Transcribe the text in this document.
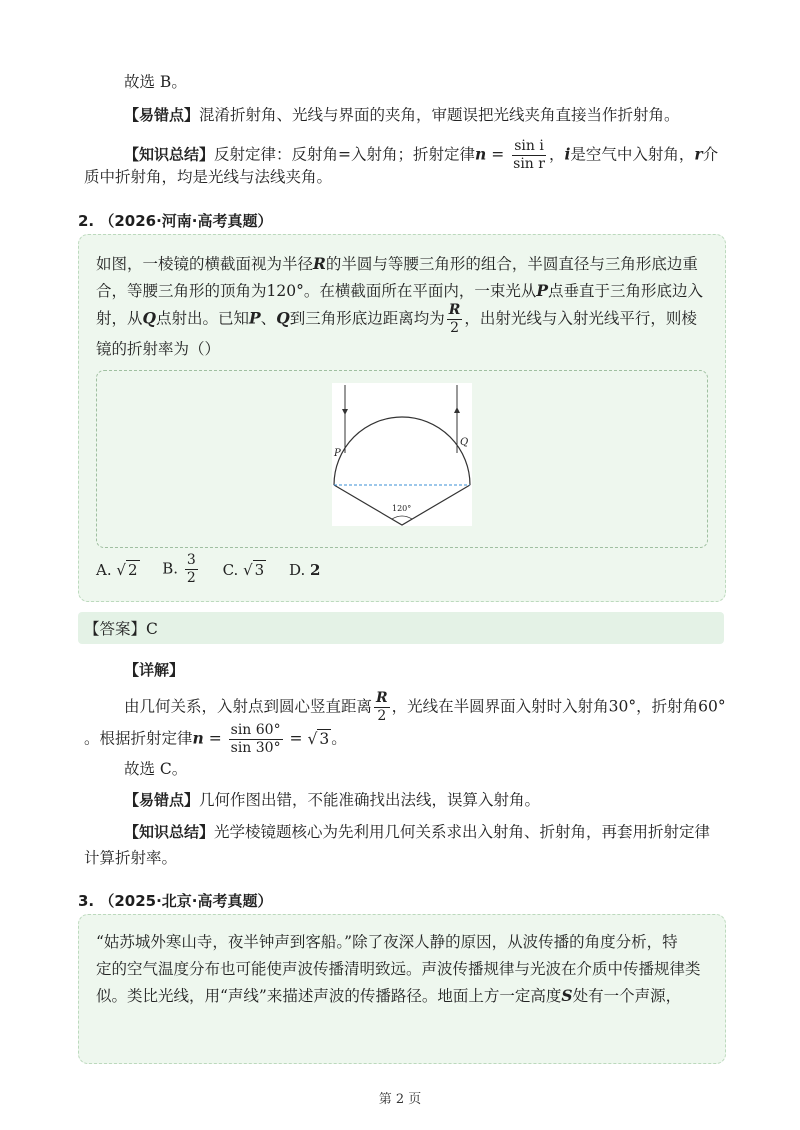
故选 B。
【易错点】混淆折射角、光线与界面的夹角，审题误把光线夹角直接当作折射角。
【知识总结】反射定律：反射角=入射角；折射定律$n = \frac{\text{sin i}}{\text{sin r}}$ ，i是空气中入射角，r介
质中折射角，均是光线与法线夹角。
2. （2026·河南·高考真题）
如图，一棱镜的横截面视为半径R的半圆与等腰三角形的组合，半圆直径与三角形底边重
合，等腰三角形的顶角为120°。在横截面所在平面内，一束光从P点垂直于三角形底边入
射，从Q点射出。已知P、Q到三角形底边距离均为 $\frac{R}{2}$ ，出射光线与入射光线平行，则棱
镜的折射率为（）
P
Q
120°
A. √ 2 B. $\frac{3}{2} C$. √ 3 D. 2
【答案】C
【详解】
由几何关系，入射点到圆心竖直距离 $\frac{R}{2}$ ，光线在半圆界面入射时入射角30°，折射角60°
。根据折射定律$n = \frac{\sin 60^\circ}{\sin 30^\circ}$ = √ 3 。
故选 C。
【易错点】几何作图出错，不能准确找出法线，误算入射角。
【知识总结】光学棱镜题核心为先利用几何关系求出入射角、折射角，再套用折射定律
计算折射率。
3. （2025·北京·高考真题）
“姑苏城外寒山寺，夜半钟声到客船。”除了夜深人静的原因，从波传播的角度分析，特
定的空气温度分布也可能使声波传播清明致远。声波传播规律与光波在介质中传播规律类
似。类比光线，用“声线”来描述声波的传播路径。地面上方一定高度S处有一个声源，
第 2 页
